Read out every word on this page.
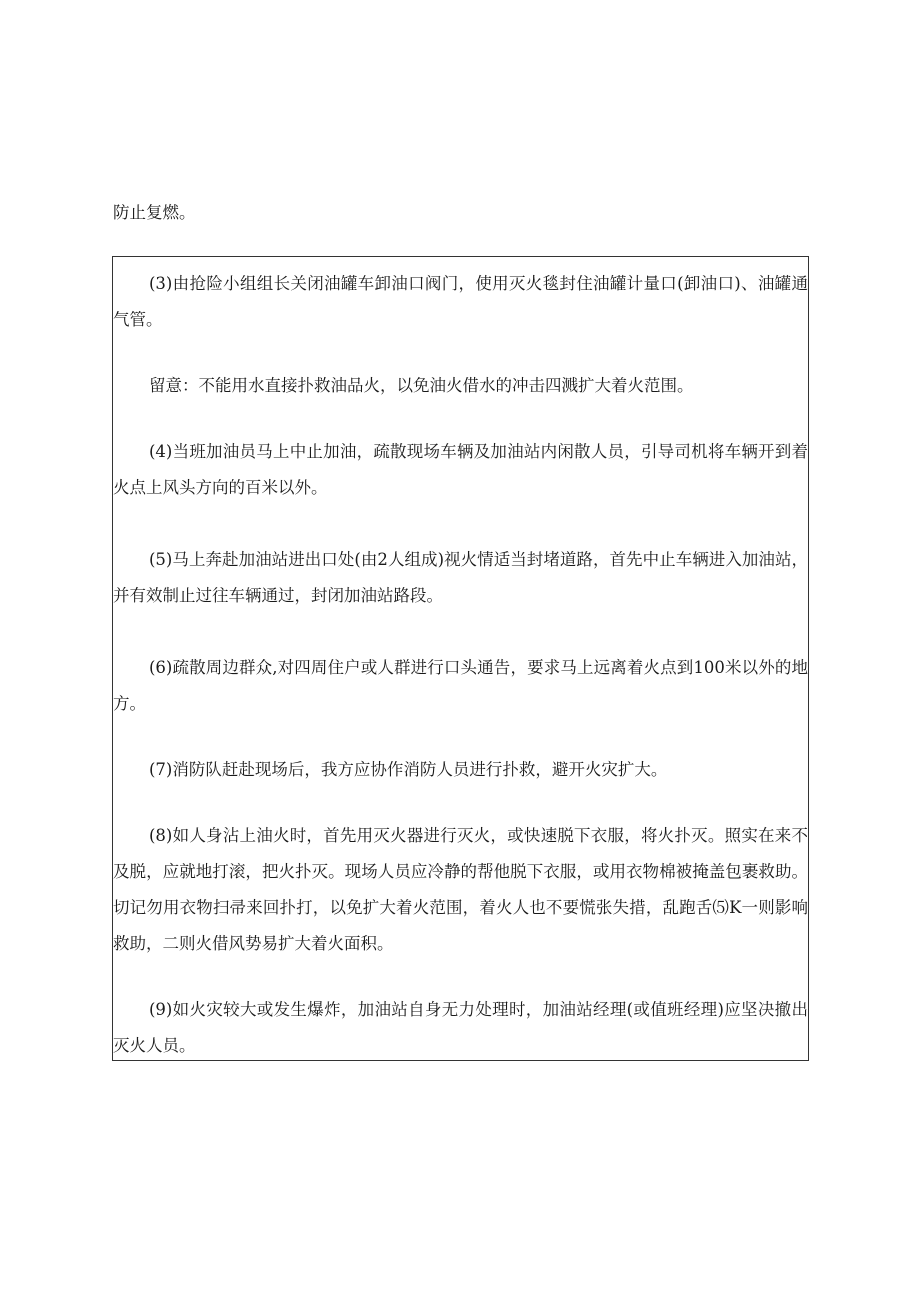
防止复燃。

(3)由抢险小组组长关闭油罐车卸油口阀门，使用灭火毯封住油罐计量口(卸油口)、油罐通气管。

留意：不能用水直接扑救油品火，以免油火借水的冲击四溅扩大着火范围。

(4)当班加油员马上中止加油，疏散现场车辆及加油站内闲散人员，引导司机将车辆开到着火点上风头方向的百米以外。

(5)马上奔赴加油站进出口处(由2人组成)视火情适当封堵道路，首先中止车辆进入加油站，并有效制止过往车辆通过，封闭加油站路段。

(6)疏散周边群众,对四周住户或人群进行口头通告，要求马上远离着火点到100米以外的地方。

(7)消防队赶赴现场后，我方应协作消防人员进行扑救，避开火灾扩大。

(8)如人身沾上油火时，首先用灭火器进行灭火，或快速脱下衣服，将火扑灭。照实在来不及脱，应就地打滚，把火扑灭。现场人员应冷静的帮他脱下衣服，或用衣物棉被掩盖包裹救助。切记勿用衣物扫帚来回扑打，以免扩大着火范围，着火人也不要慌张失措，乱跑舌⑸K一则影响救助，二则火借风势易扩大着火面积。

(9)如火灾较大或发生爆炸，加油站自身无力处理时，加油站经理(或值班经理)应坚决撤出灭火人员。
